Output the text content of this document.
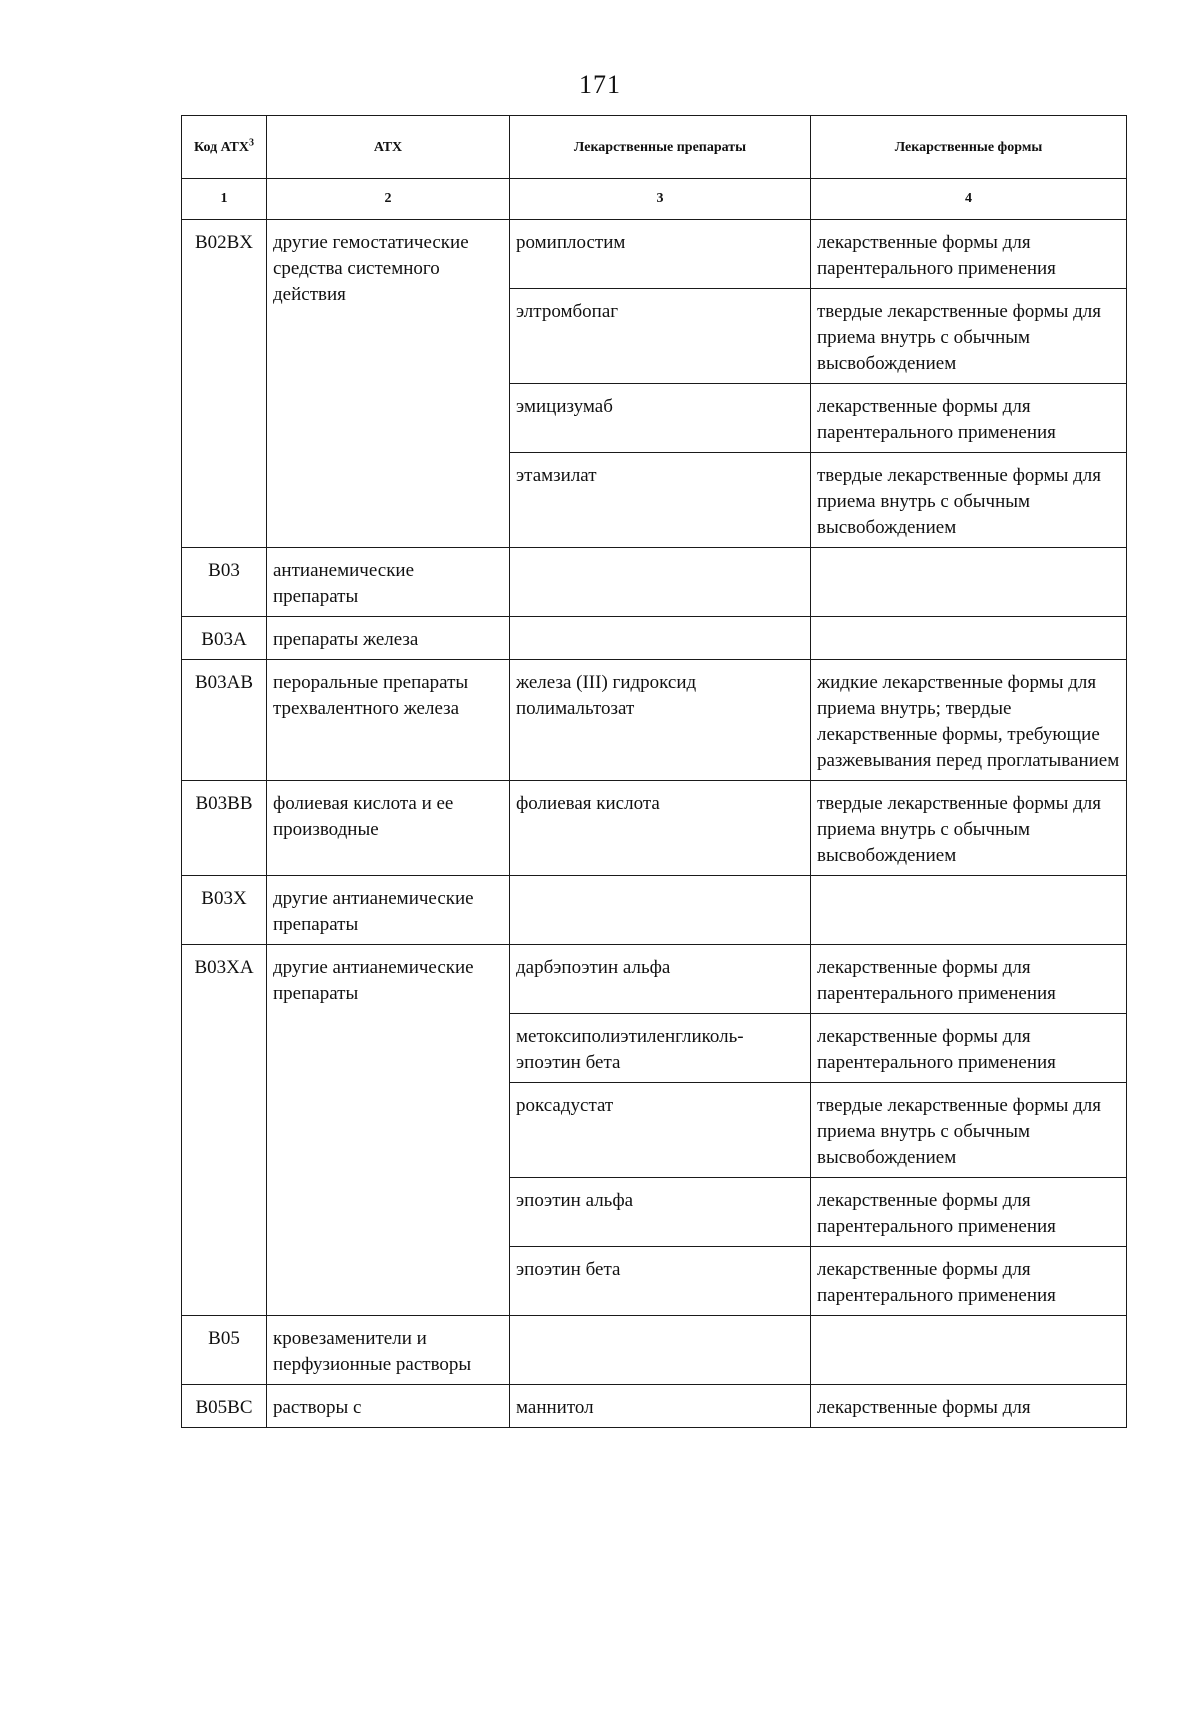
171
Код АТХ$^3$	АТХ	Лекарственные препараты	Лекарственные формы
1	2	3	4
B02BX	другие гемостатические средства системного действия	ромиплостим	лекарственные формы для парентерального применения
		элтромбопаг	твердые лекарственные формы для приема внутрь с обычным высвобождением
		эмицизумаб	лекарственные формы для парентерального применения
		этамзилат	твердые лекарственные формы для приема внутрь с обычным высвобождением
B03	антианемические препараты		
B03A	препараты железа		
B03AB	пероральные препараты трехвалентного железа	железа (III) гидроксид полимальтозат	жидкие лекарственные формы для приема внутрь; твердые лекарственные формы, требующие разжевывания перед проглатыванием
B03BB	фолиевая кислота и ее производные	фолиевая кислота	твердые лекарственные формы для приема внутрь с обычным высвобождением
B03X	другие антианемические препараты		
B03XA	другие антианемические препараты	дарбэпоэтин альфа	лекарственные формы для парентерального применения
		метоксиполиэтиленгликоль-эпоэтин бета	лекарственные формы для парентерального применения
		роксадустат	твердые лекарственные формы для приема внутрь с обычным высвобождением
		эпоэтин альфа	лекарственные формы для парентерального применения
		эпоэтин бета	лекарственные формы для парентерального применения
B05	кровезаменители и перфузионные растворы		
B05BC	растворы с	маннитол	лекарственные формы для
